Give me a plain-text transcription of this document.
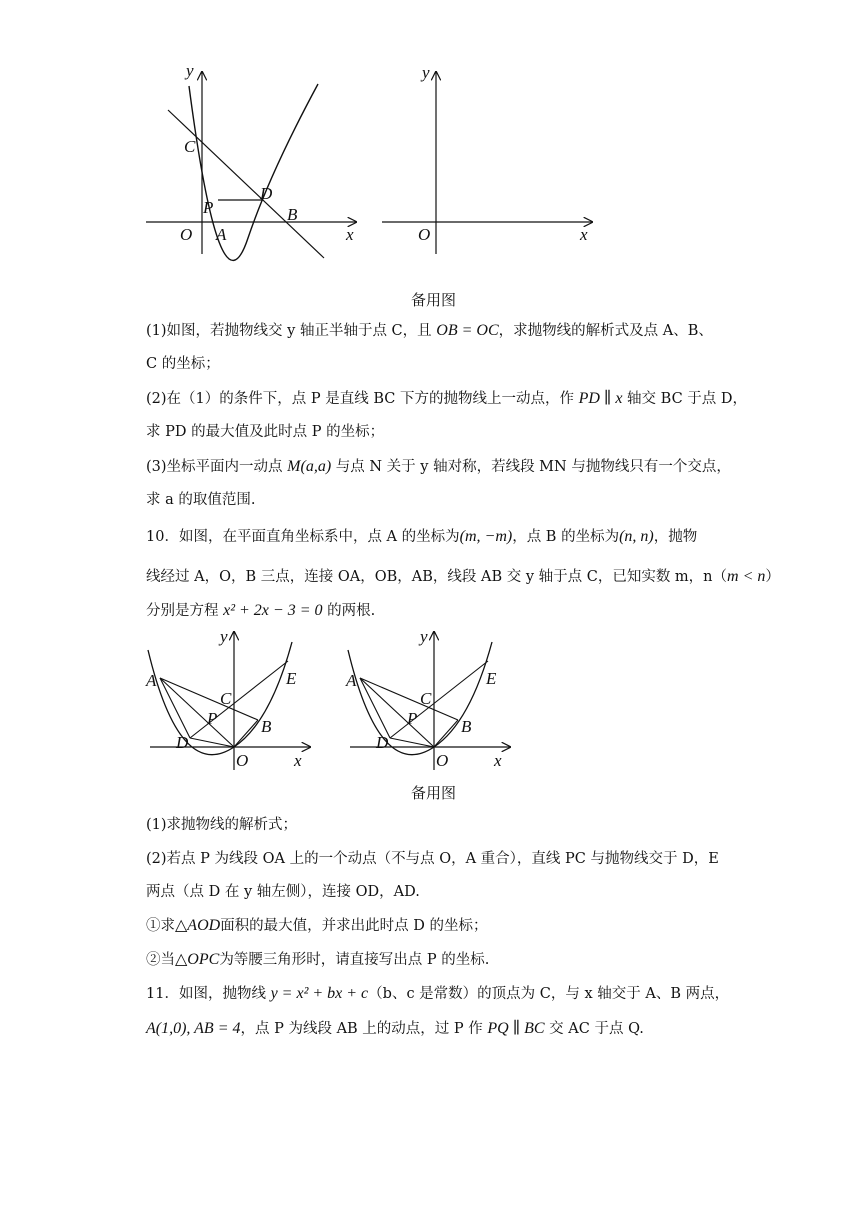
y
x
O A
B
C
D
P
y
x
O
备用图
(1)如图，若抛物线交 y 轴正半轴于点 C，且 OB = OC，求抛物线的解析式及点 A、B、
C 的坐标；
(2)在（1）的条件下，点 P 是直线 BC 下方的抛物线上一动点，作 PD ∥ x 轴交 BC 于点 D，
求 PD 的最大值及此时点 P 的坐标；
(3)坐标平面内一动点 M(a,a) 与点 N 关于 y 轴对称，若线段 MN 与抛物线只有一个交点，
求 a 的取值范围.
10．如图，在平面直角坐标系中，点 A 的坐标为(m, −m)，点 B 的坐标为(n, n)，抛物
线经过 A，O，B 三点，连接 OA，OB，AB，线段 AB 交 y 轴于点 C，已知实数 m，n（m < n）
分别是方程 x² + 2x − 3 = 0 的两根.
y
x
O
A
B
C
D
E
P
y
x
O
A
B
C
D
E
P
备用图
(1)求抛物线的解析式；
(2)若点 P 为线段 OA 上的一个动点（不与点 O，A 重合），直线 PC 与抛物线交于 D，E
两点（点 D 在 y 轴左侧），连接 OD，AD.
①求△AOD面积的最大值，并求出此时点 D 的坐标；
②当△OPC为等腰三角形时，请直接写出点 P 的坐标.
11．如图，抛物线 y = x² + bx + c（b、c 是常数）的顶点为 C，与 x 轴交于 A、B 两点，
A(1,0), AB = 4，点 P 为线段 AB 上的动点，过 P 作 PQ ∥ BC 交 AC 于点 Q.
